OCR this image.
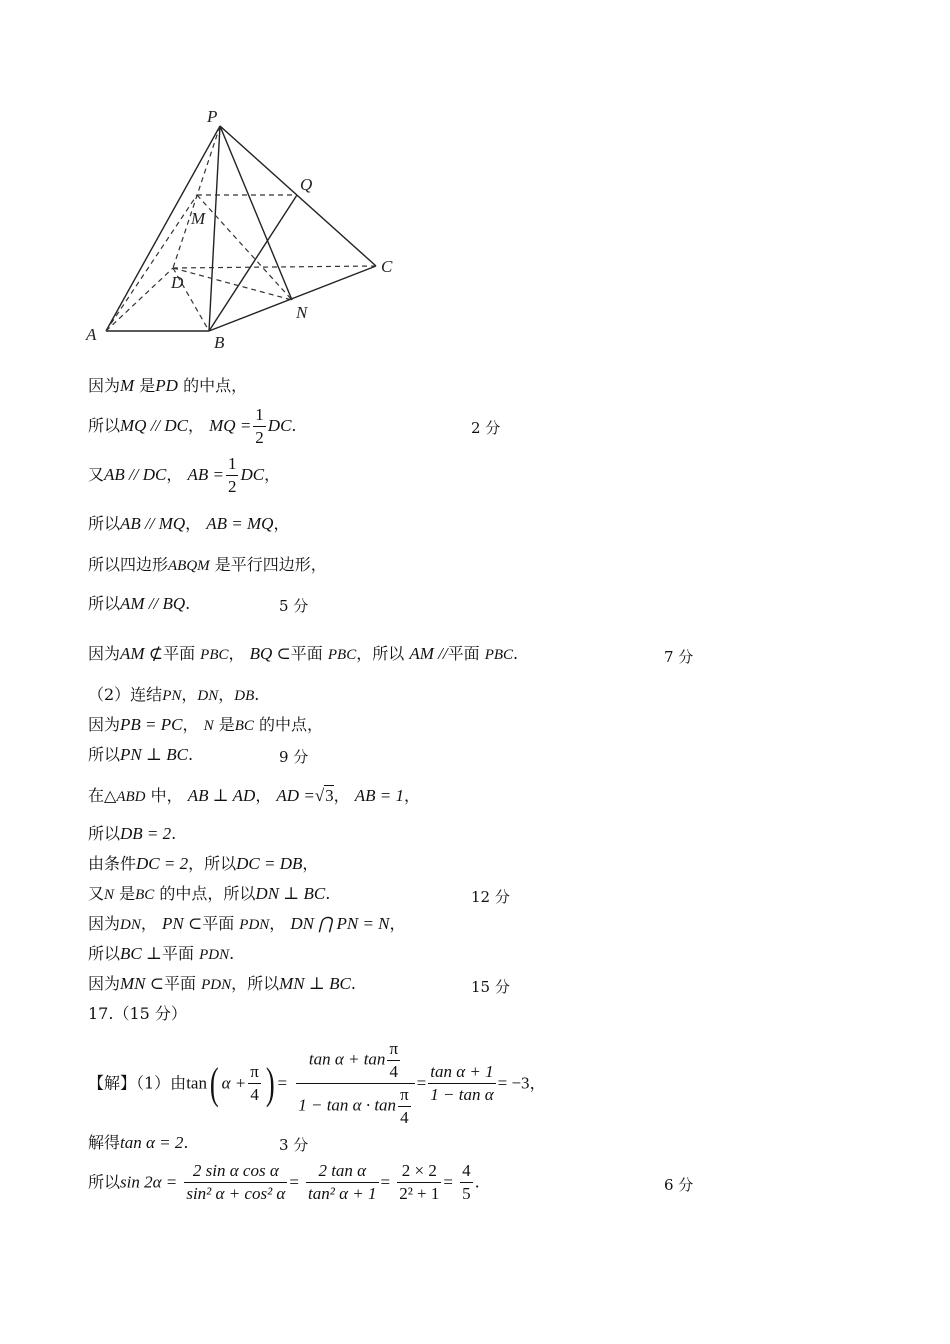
P
Q
M
D
C
N
A	B
因为M 是PD 的中点，
所以MQ // DC， MQ = $\frac{1}{2}$ DC.	2 分
又AB // DC， AB = $\frac{1}{2}$ DC，
所以AB // MQ， AB = MQ，
所以四边形ABQM 是平行四边形，
所以AM // BQ.	5 分
因为AM ⊄平面 PBC， BQ ⊂平面 PBC，所以 AM //平面 PBC.	7 分
（2）连结PN，DN，DB.
因为PB = PC， N 是BC 的中点，
所以PN ⊥ BC.	9 分
在△ABD 中， AB ⊥ AD， AD =√3， AB = 1，
所以DB = 2.
由条件DC = 2，所以DC = DB，
又N 是BC 的中点，所以DN ⊥ BC.	12 分
因为DN， PN ⊂平面 PDN， DN ⋂ PN = N，
所以BC ⊥平面 PDN.
因为MN ⊂平面 PDN，所以MN ⊥ BC.	15 分
17.（15 分）
【解】（1）由tan( $\alpha + \frac{\pi}{4}$ ) = $\frac{\tan \alpha + \tan \frac{\pi}{4}}{1 - \tan \alpha \cdot \tan \frac{\pi}{4}} = \frac{\text{tan α + 1}}{\text{1 − tan α}} = -3$，
解得tan α = 2.	3 分
所以$\sin 2\alpha = \frac{\text{2 sin α cos α}}{\text{sin² α + cos² α}} = \frac{\text{2 tan α}}{\text{tan² α + 1}} = \frac{2 \times 2}{\text{2² + 1}} = \frac{4}{5}$ .	6 分
